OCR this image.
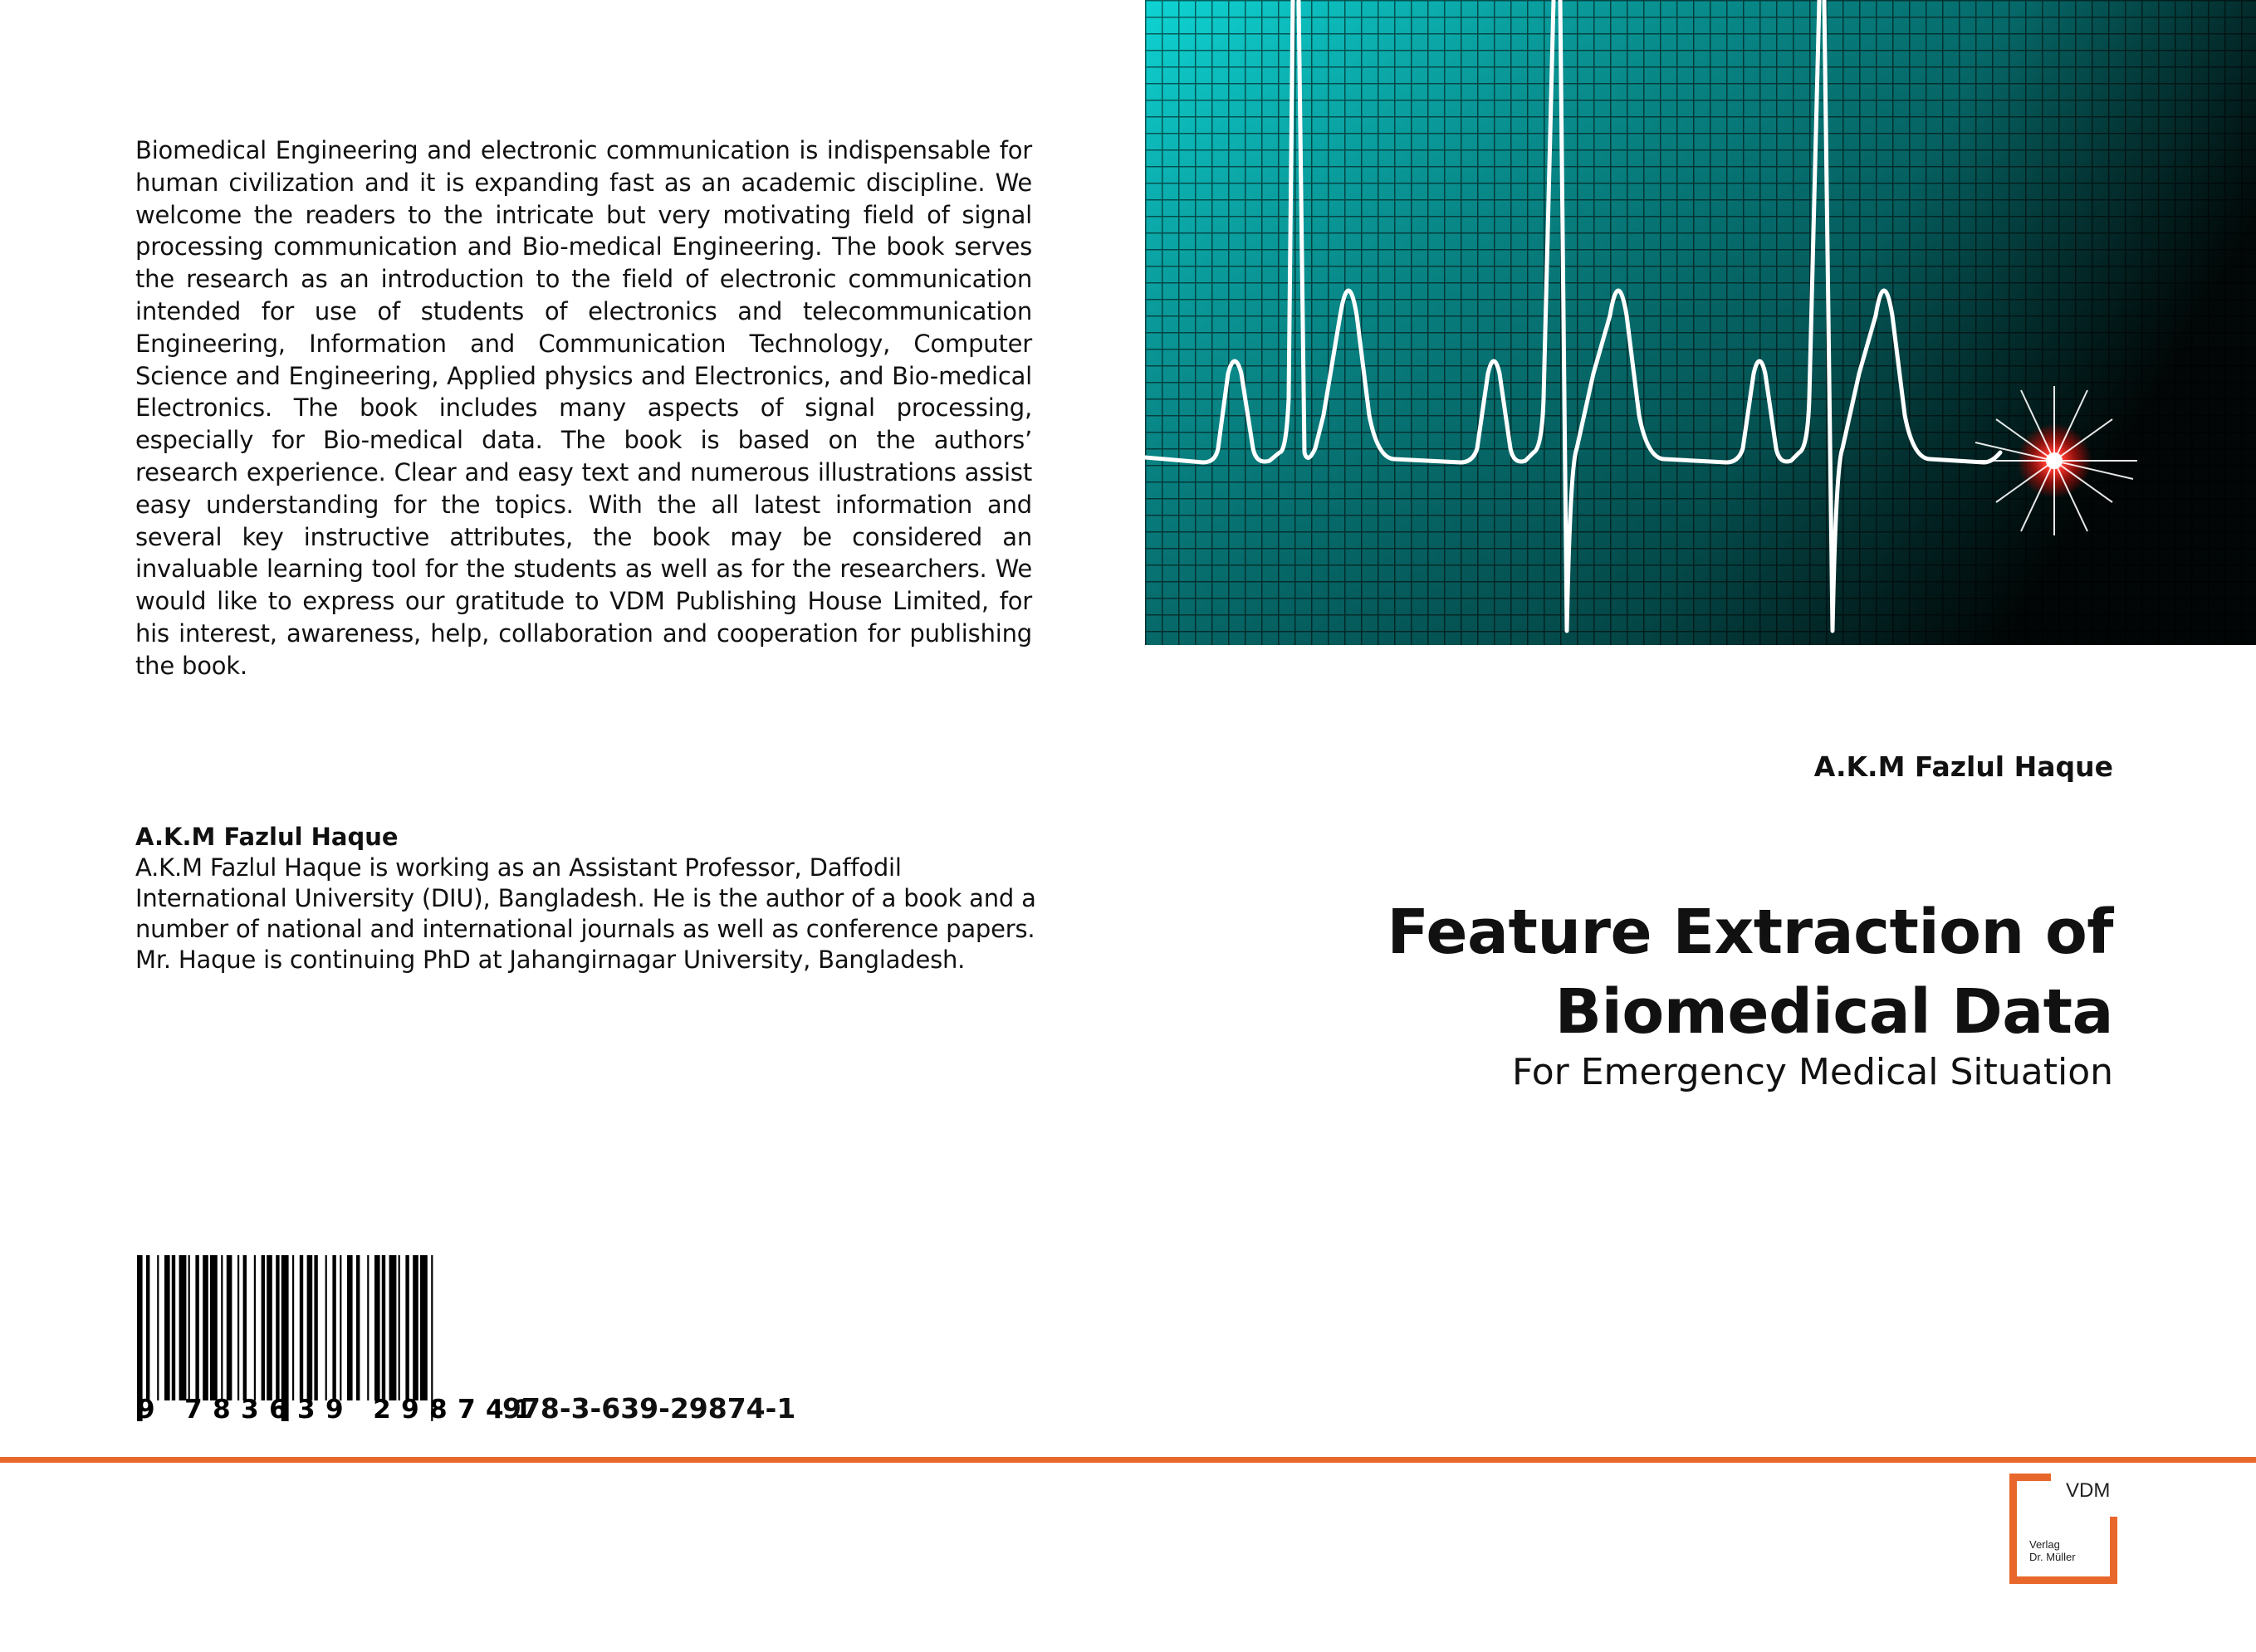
Biomedical Engineering and electronic communication is indispensable for human civilization and it is expanding fast as an academic discipline. We welcome the readers to the intricate but very motivating field of signal processing communication and Bio-medical Engineering. The book serves the research as an introduction to the field of electronic communication intended for use of students of electronics and telecommunication Engineering, Information and Communication Technology, Computer Science and Engineering, Applied physics and Electronics, and Bio-medical Electronics. The book includes many aspects of signal processing, especially for Bio-medical data. The book is based on the authors’ research experience. Clear and easy text and numerous illustrations assist easy understanding for the topics. With the all latest information and several key instructive attributes, the book may be considered an invaluable learning tool for the students as well as for the researchers. We would like to express our gratitude to VDM Publishing House Limited, for his interest, awareness, help, collaboration and cooperation for publishing the book.

A.K.M Fazlul Haque
A.K.M Fazlul Haque is working as an Assistant Professor, Daffodil International University (DIU), Bangladesh. He is the author of a book and a number of national and international journals as well as conference papers. Mr. Haque is continuing PhD at Jahangirnagar University, Bangladesh.

A.K.M Fazlul Haque

Feature Extraction of
Biomedical Data

For Emergency Medical Situation

9 783639 298741

978-3-639-29874-1

VDM
Verlag
Dr. Müller
